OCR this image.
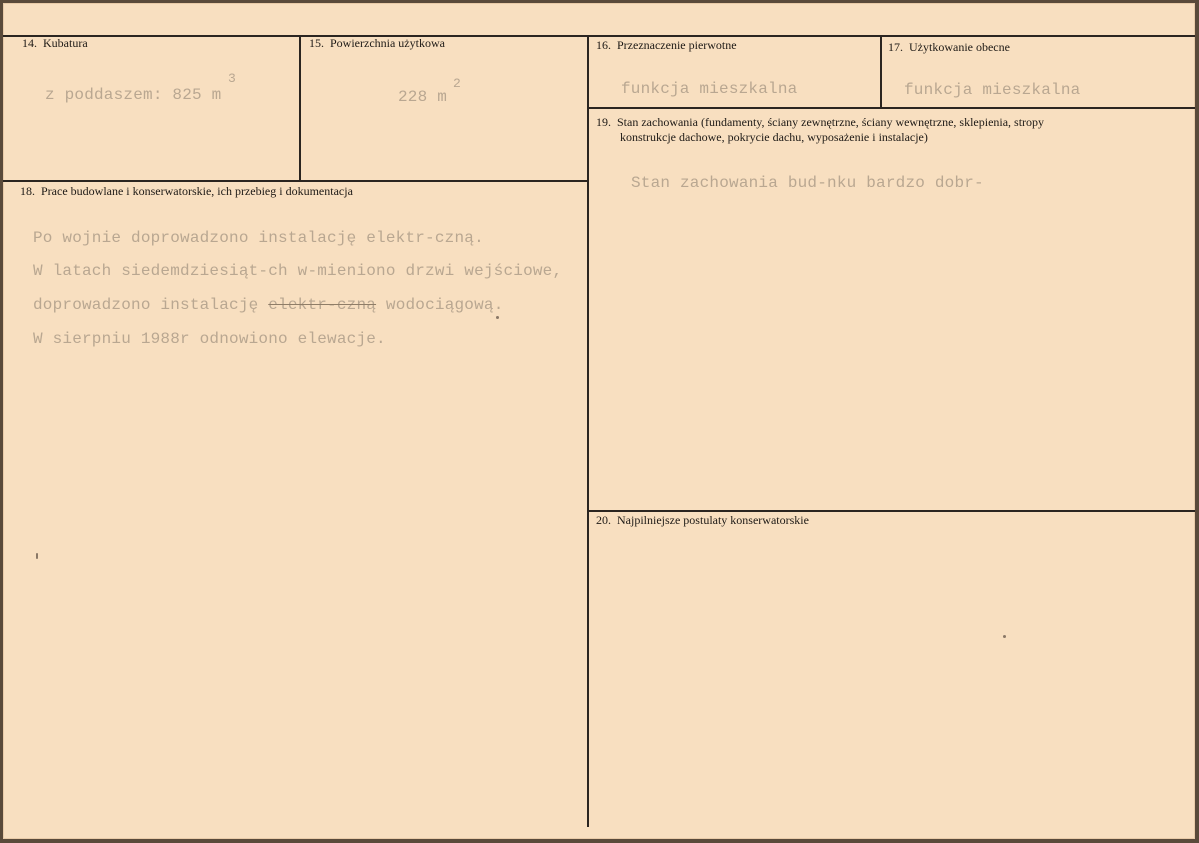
14. Kubatura
z poddaszem: 825 m
3
15. Powierzchnia użytkowa
228 m
2
16. Przeznaczenie pierwotne
funkcja mieszkalna
17. Użytkowanie obecne
funkcja mieszkalna
19. Stan zachowania (fundamenty, ściany zewnętrzne, ściany wewnętrzne, sklepienia, stropy
konstrukcje dachowe, pokrycie dachu, wyposażenie i instalacje)
Stan zachowania bud-nku bardzo dobr-
18. Prace budowlane i konserwatorskie, ich przebieg i dokumentacja
Po wojnie doprowadzono instalację elektr-czną.
W latach siedemdziesiąt-ch w-mieniono drzwi wejściowe,
doprowadzono instalację elektr-czną wodociągową.
W sierpniu 1988r odnowiono elewacje.
20. Najpilniejsze postulaty konserwatorskie
